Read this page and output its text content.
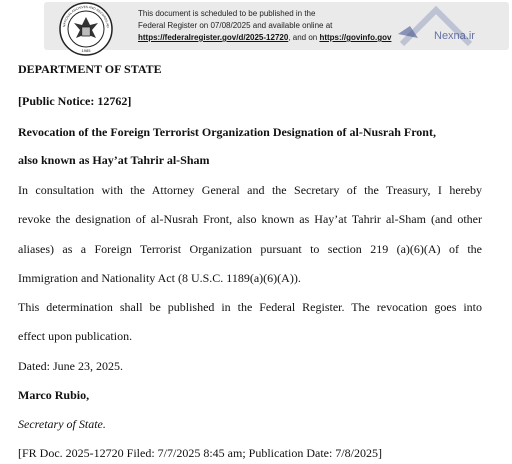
NATIONAL ARCHIVES AND RECORDS AD
1985
This document is scheduled to be published in the
Federal Register on 07/08/2025 and available online at
https://federalregister.gov/d/2025-12720, and on https://govinfo.gov	Nexna.ir
DEPARTMENT OF STATE
[Public Notice: 12762]
Revocation of the Foreign Terrorist Organization Designation of al-Nusrah Front,
also known as Hay’at Tahrir al-Sham
In consultation with the Attorney General and the Secretary of the Treasury, I hereby
revoke the designation of al-Nusrah Front, also known as Hay’at Tahrir al-Sham (and other
aliases) as a Foreign Terrorist Organization pursuant to section 219 (a)(6)(A) of the
Immigration and Nationality Act (8 U.S.C. 1189(a)(6)(A)).
This determination shall be published in the Federal Register. The revocation goes into
effect upon publication.
Dated: June 23, 2025.
Marco Rubio,
Secretary of State.
[FR Doc. 2025-12720 Filed: 7/7/2025 8:45 am; Publication Date: 7/8/2025]
